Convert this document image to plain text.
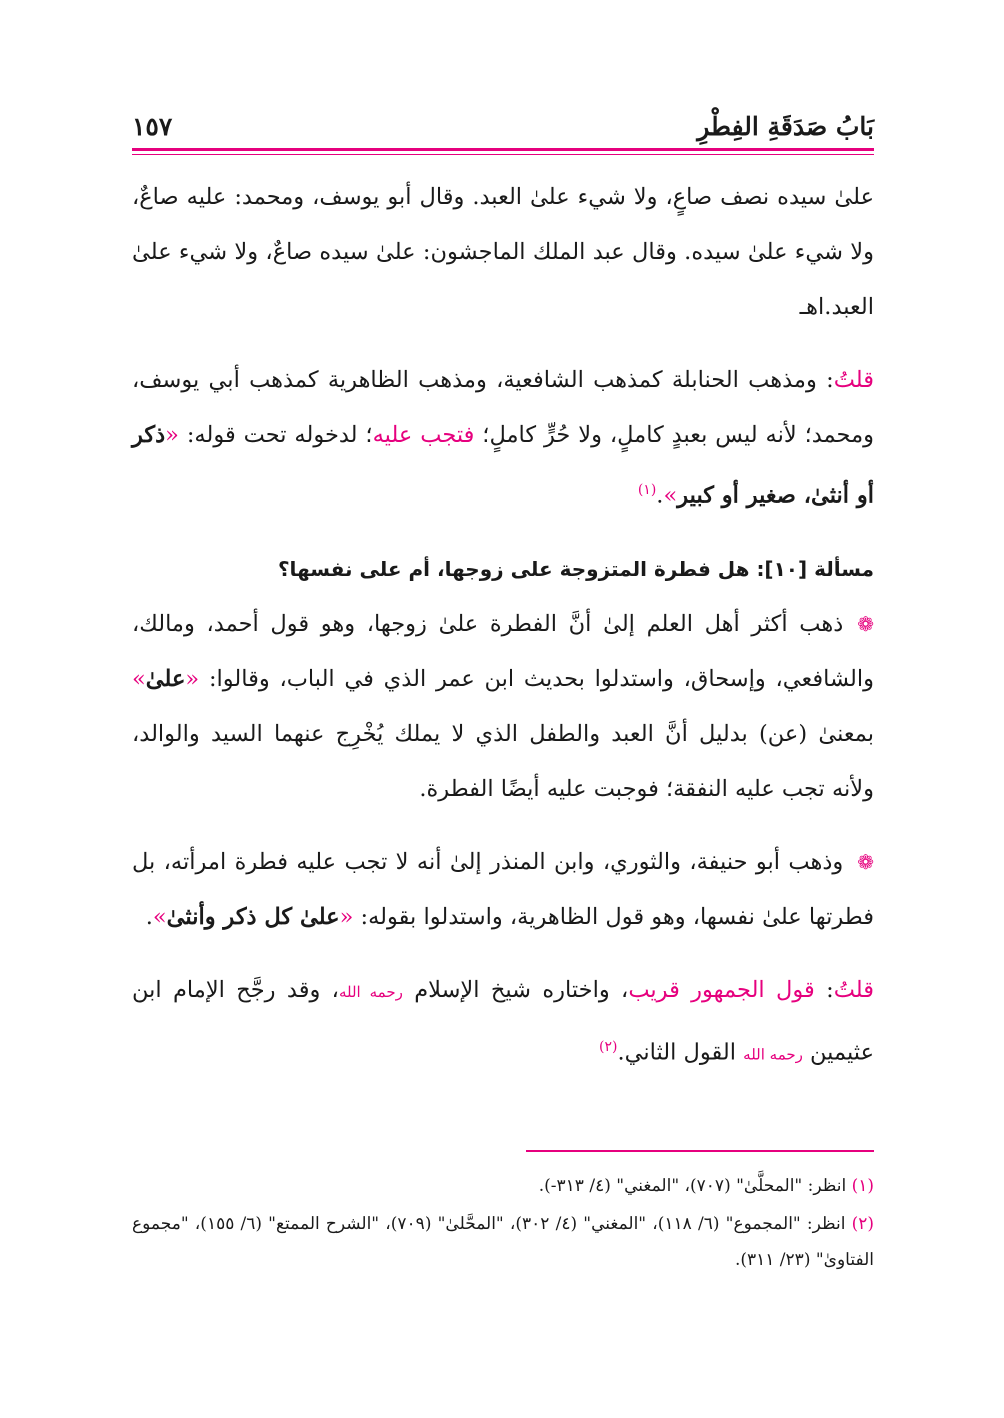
بَابُ صَدَقَةِ الفِطْرِ
١٥٧

علىٰ سيده نصف صاعٍ، ولا شيء علىٰ العبد. وقال أبو يوسف، ومحمد: عليه صاعٌ، ولا شيء علىٰ سيده. وقال عبد الملك الماجشون: علىٰ سيده صاعٌ، ولا شيء علىٰ العبد.اهـ

قلتُ: ومذهب الحنابلة كمذهب الشافعية، ومذهب الظاهرية كمذهب أبي يوسف، ومحمد؛ لأنه ليس بعبدٍ كاملٍ، ولا حُرٍّ كاملٍ؛ فتجب عليه؛ لدخوله تحت قوله: «ذكر أو أنثىٰ، صغير أو كبير».$^{(١)}$

مسألة [١٠]: هل فطرة المتزوجة على زوجها، أم على نفسها؟

❁ذهب أكثر أهل العلم إلىٰ أنَّ الفطرة علىٰ زوجها، وهو قول أحمد، ومالك، والشافعي، وإسحاق، واستدلوا بحديث ابن عمر الذي في الباب، وقالوا: «علىٰ» بمعنىٰ (عن) بدليل أنَّ العبد والطفل الذي لا يملك يُخْرِج عنهما السيد والوالد، ولأنه تجب عليه النفقة؛ فوجبت عليه أيضًا الفطرة.

❁وذهب أبو حنيفة، والثوري، وابن المنذر إلىٰ أنه لا تجب عليه فطرة امرأته، بل فطرتها علىٰ نفسها، وهو قول الظاهرية، واستدلوا بقوله: «علىٰ كل ذكر وأنثىٰ».

قلتُ: قول الجمهور قريب، واختاره شيخ الإسلام رحمه الله، وقد رجَّح الإمام ابن عثيمين رحمه الله القول الثاني.$^{(٢)}$

(١) انظر: "المحلَّىٰ" (٧٠٧)، "المغني" (٤/ ٣١٣-).

(٢) انظر: "المجموع" (٦/ ١١٨)، "المغني" (٤/ ٣٠٢)، "المحَّلىٰ" (٧٠٩)، "الشرح الممتع" (٦/ ١٥٥)، "مجموع الفتاوىٰ" (٢٣/ ٣١١).
